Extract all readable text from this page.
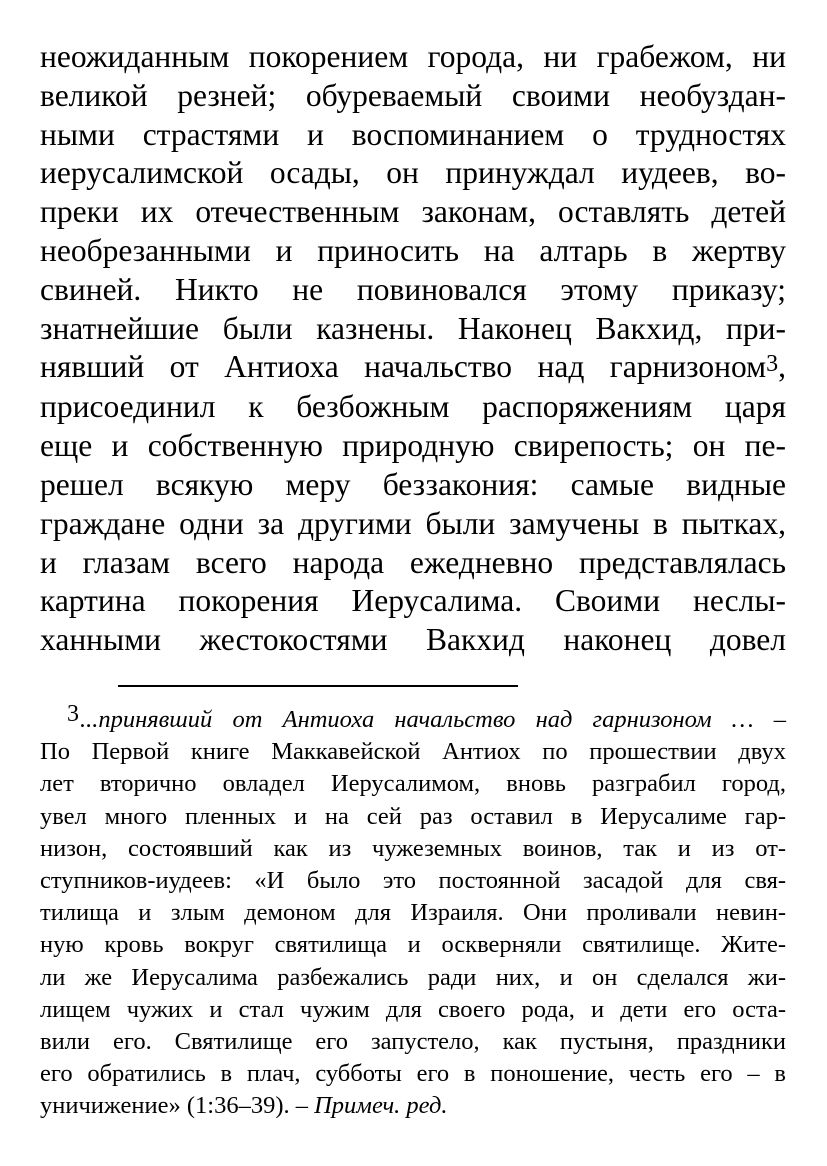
неожиданным покорением города, ни грабежом, ни
великой резней; обуреваемый своими необуздан-
ными страстями и воспоминанием о трудностях
иерусалимской осады, он принуждал иудеев, во-
преки их отечественным законам, оставлять детей
необрезанными и приносить на алтарь в жертву
свиней. Никто не повиновался этому приказу;
знатнейшие были казнены. Наконец Вакхид, при-
нявший от Антиоха начальство над гарнизоном3,
присоединил к безбожным распоряжениям царя
еще и собственную природную свирепость; он пе-
решел всякую меру беззакония: самые видные
граждане одни за другими были замучены в пытках,
и глазам всего народа ежедневно представлялась
картина покорения Иерусалима. Своими неслы-
ханными жестокостями Вакхид наконец довел
3...принявший от Антиоха начальство над гарнизоном … –
По Первой книге Маккавейской Антиох по прошествии двух
лет вторично овладел Иерусалимом, вновь разграбил город,
увел много пленных и на сей раз оставил в Иерусалиме гар-
низон, состоявший как из чужеземных воинов, так и из от-
ступников-иудеев: «И было это постоянной засадой для свя-
тилища и злым демоном для Израиля. Они проливали невин-
ную кровь вокруг святилища и оскверняли святилище. Жите-
ли же Иерусалима разбежались ради них, и он сделался жи-
лищем чужих и стал чужим для своего рода, и дети его оста-
вили его. Святилище его запустело, как пустыня, праздники
его обратились в плач, субботы его в поношение, честь его – в
уничижение» (1:36–39). – Примеч. ред.
